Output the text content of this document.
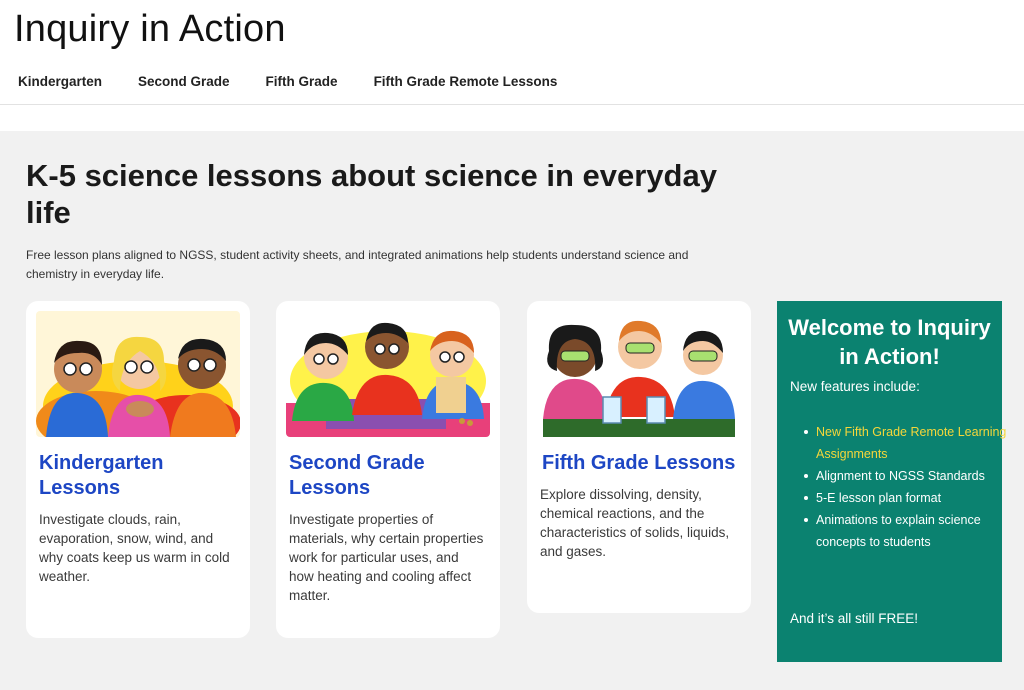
Inquiry in Action
Kindergarten	Second Grade	Fifth Grade	Fifth Grade Remote Lessons
K-5 science lessons about science in everyday life

Free lesson plans aligned to NGSS, student activity sheets, and integrated animations help students understand science and chemistry in everyday life.

Kindergarten Lessons

Investigate clouds, rain, evaporation, snow, wind, and why coats keep us warm in cold weather.

Second Grade Lessons

Investigate properties of materials, why certain properties work for particular uses, and how heating and cooling affect matter.

Fifth Grade Lessons

Explore dissolving, density, chemical reactions, and the characteristics of solids, liquids, and gases.

Welcome to Inquiry in Action!

New features include:

New Fifth Grade Remote Learning Assignments
Alignment to NGSS Standards
5-E lesson plan format
Animations to explain science concepts to students

And it’s all still FREE!
